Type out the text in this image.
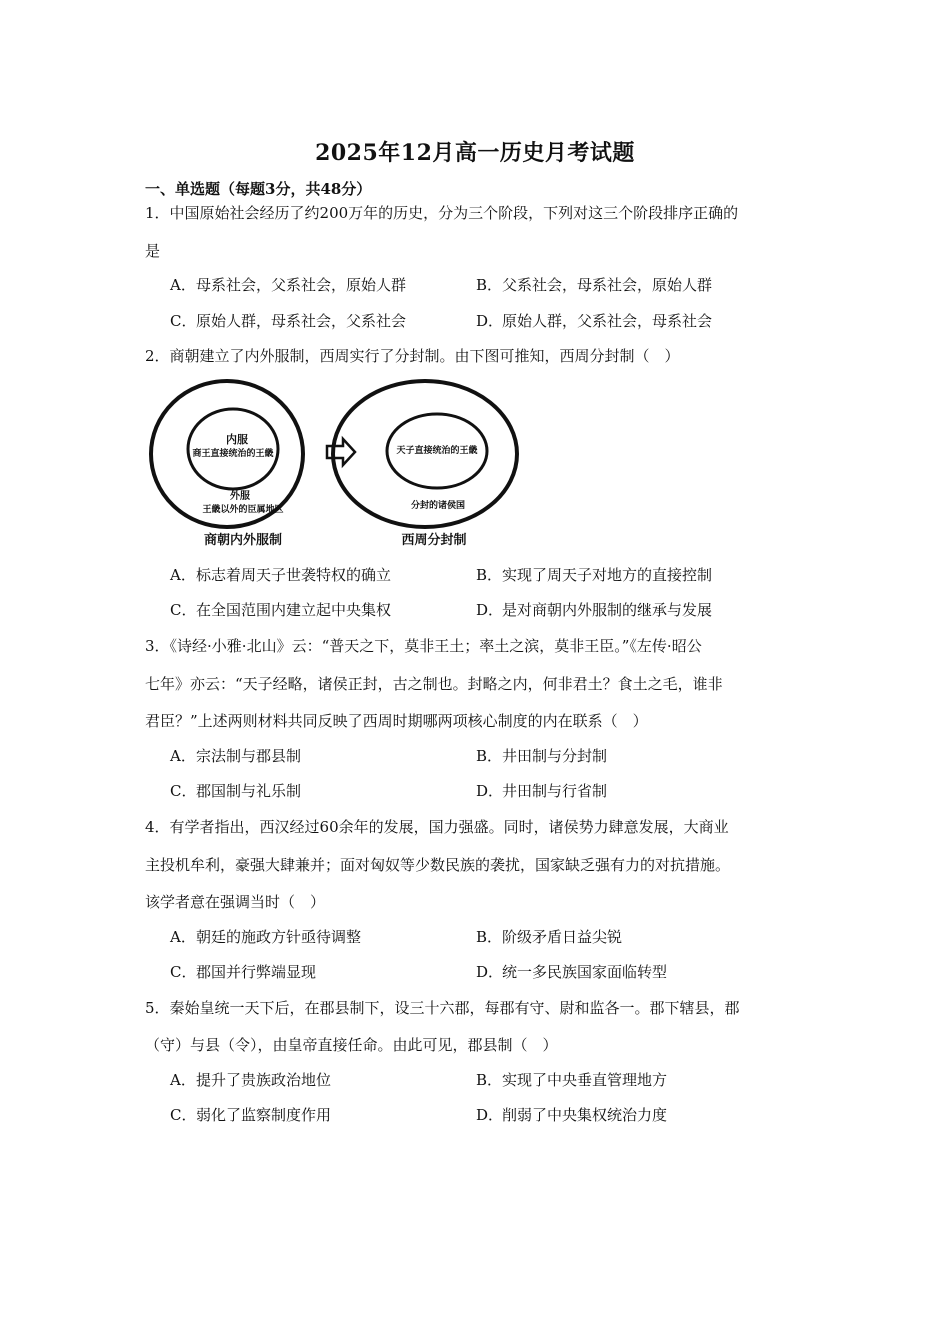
2025年12月高一历史月考试题
一、单选题（每题3分，共48分）
1．中国原始社会经历了约200万年的历史，分为三个阶段，下列对这三个阶段排序正确的
是
A．母系社会，父系社会，原始人群	B．父系社会，母系社会，原始人群
C．原始人群，母系社会，父系社会	D．原始人群，父系社会，母系社会
2．商朝建立了内外服制，西周实行了分封制。由下图可推知，西周分封制（　）
内服
商王直接统治的王畿
外服
王畿以外的臣属地区
天子直接统治的王畿
分封的诸侯国
商朝内外服制	西周分封制
A．标志着周天子世袭特权的确立	B．实现了周天子对地方的直接控制
C．在全国范围内建立起中央集权	D．是对商朝内外服制的继承与发展
3．《诗经·小雅·北山》云：“普天之下，莫非王土；率土之滨，莫非王臣。”《左传·昭公
七年》亦云：“天子经略，诸侯正封，古之制也。封略之内，何非君土？食土之毛，谁非
君臣？”上述两则材料共同反映了西周时期哪两项核心制度的内在联系（　）
A．宗法制与郡县制	B．井田制与分封制
C．郡国制与礼乐制	D．井田制与行省制
4．有学者指出，西汉经过60余年的发展，国力强盛。同时，诸侯势力肆意发展，大商业
主投机牟利，豪强大肆兼并；面对匈奴等少数民族的袭扰，国家缺乏强有力的对抗措施。
该学者意在强调当时（　）
A．朝廷的施政方针亟待调整	B．阶级矛盾日益尖锐
C．郡国并行弊端显现	D．统一多民族国家面临转型
5．秦始皇统一天下后，在郡县制下，设三十六郡，每郡有守、尉和监各一。郡下辖县，郡
（守）与县（令），由皇帝直接任命。由此可见，郡县制（　）
A．提升了贵族政治地位	B．实现了中央垂直管理地方
C．弱化了监察制度作用	D．削弱了中央集权统治力度
